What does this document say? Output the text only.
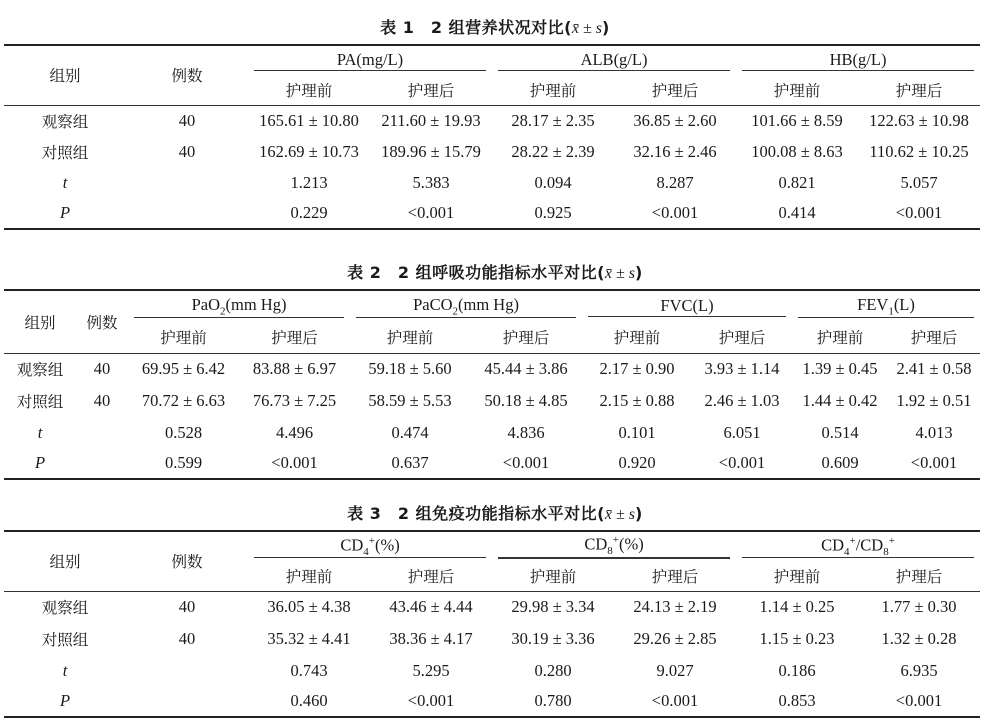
表 1　2 组营养状况对比(x̄ ± s)
组别	例数	PA(mg/L)		ALB(g/L)		HB(g/L)	

		护理前	护理后	护理前	护理后	护理前	护理后
观察组	40	165.61 ± 10.80	211.60 ± 19.93	28.17 ± 2.35	36.85 ± 2.60	101.66 ± 8.59	122.63 ± 10.98
对照组	40	162.69 ± 10.73	189.96 ± 15.79	28.22 ± 2.39	32.16 ± 2.46	100.08 ± 8.63	110.62 ± 10.25
t		1.213	5.383	0.094	8.287	0.821	5.057
P		0.229	<0.001	0.925	<0.001	0.414	<0.001
表 2　2 组呼吸功能指标水平对比(x̄ ± s)
组别	例数	PaO$_2$(mm Hg)		PaCO$_2$(mm Hg)		FVC(L)		$FEV_1(L)$	

		护理前	护理后	护理前	护理后	护理前	护理后	护理前	护理后
观察组	40	69.95 ± 6.42	83.88 ± 6.97	59.18 ± 5.60	45.44 ± 3.86	2.17 ± 0.90	3.93 ± 1.14	1.39 ± 0.45	2.41 ± 0.58
对照组	40	70.72 ± 6.63	76.73 ± 7.25	58.59 ± 5.53	50.18 ± 4.85	2.15 ± 0.88	2.46 ± 1.03	1.44 ± 0.42	1.92 ± 0.51
t		0.528	4.496	0.474	4.836	0.101	6.051	0.514	4.013
P		0.599	<0.001	0.637	<0.001	0.920	<0.001	0.609	<0.001
表 3　2 组免疫功能指标水平对比(x̄ ± s)
组别	例数	$CD_4^+(\%)$		$CD_8^+(\%)$		$CD_4^+/CD_8^+$

		护理前	护理后	护理前	护理后	护理前	护理后
观察组	40	36.05 ± 4.38	43.46 ± 4.44	29.98 ± 3.34	24.13 ± 2.19	1.14 ± 0.25	1.77 ± 0.30
对照组	40	35.32 ± 4.41	38.36 ± 4.17	30.19 ± 3.36	29.26 ± 2.85	1.15 ± 0.23	1.32 ± 0.28
t		0.743	5.295	0.280	9.027	0.186	6.935
P		0.460	<0.001	0.780	<0.001	0.853	<0.001
